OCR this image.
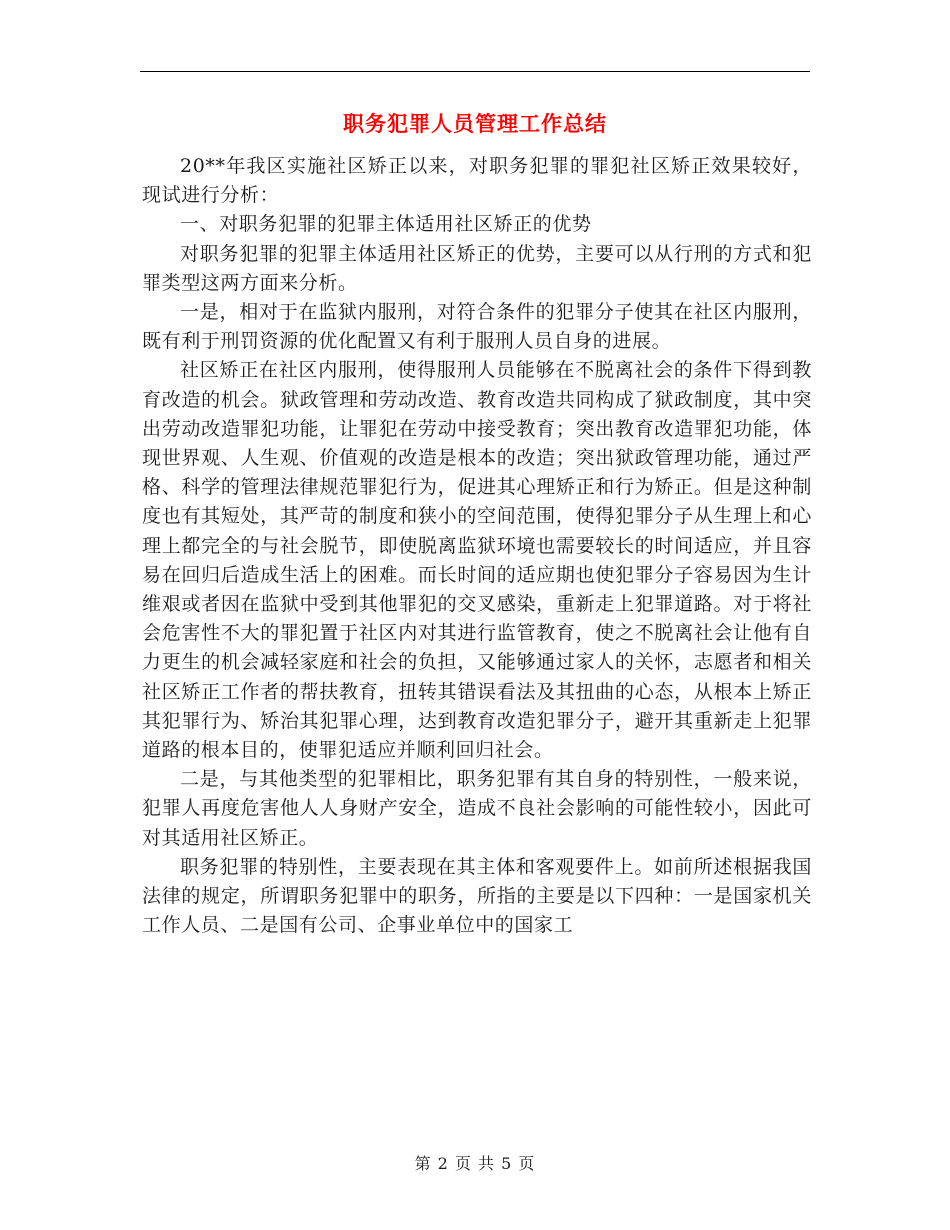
职务犯罪人员管理工作总结

20**年我区实施社区矫正以来，对职务犯罪的罪犯社区矫正效果较好，现试进行分析：

一、对职务犯罪的犯罪主体适用社区矫正的优势

对职务犯罪的犯罪主体适用社区矫正的优势，主要可以从行刑的方式和犯罪类型这两方面来分析。

一是，相对于在监狱内服刑，对符合条件的犯罪分子使其在社区内服刑，既有利于刑罚资源的优化配置又有利于服刑人员自身的进展。

社区矫正在社区内服刑，使得服刑人员能够在不脱离社会的条件下得到教育改造的机会。狱政管理和劳动改造、教育改造共同构成了狱政制度，其中突出劳动改造罪犯功能，让罪犯在劳动中接受教育；突出教育改造罪犯功能，体现世界观、人生观、价值观的改造是根本的改造；突出狱政管理功能，通过严格、科学的管理法律规范罪犯行为，促进其心理矫正和行为矫正。但是这种制度也有其短处，其严苛的制度和狭小的空间范围，使得犯罪分子从生理上和心理上都完全的与社会脱节，即使脱离监狱环境也需要较长的时间适应，并且容易在回归后造成生活上的困难。而长时间的适应期也使犯罪分子容易因为生计维艰或者因在监狱中受到其他罪犯的交叉感染，重新走上犯罪道路。对于将社会危害性不大的罪犯置于社区内对其进行监管教育，使之不脱离社会让他有自力更生的机会减轻家庭和社会的负担，又能够通过家人的关怀，志愿者和相关社区矫正工作者的帮扶教育，扭转其错误看法及其扭曲的心态，从根本上矫正其犯罪行为、矫治其犯罪心理，达到教育改造犯罪分子，避开其重新走上犯罪道路的根本目的，使罪犯适应并顺利回归社会。

二是，与其他类型的犯罪相比，职务犯罪有其自身的特别性，一般来说，犯罪人再度危害他人人身财产安全，造成不良社会影响的可能性较小，因此可对其适用社区矫正。

职务犯罪的特别性，主要表现在其主体和客观要件上。如前所述根据我国法律的规定，所谓职务犯罪中的职务，所指的主要是以下四种：一是国家机关工作人员、二是国有公司、企事业单位中的国家工

第 2 页 共 5 页
